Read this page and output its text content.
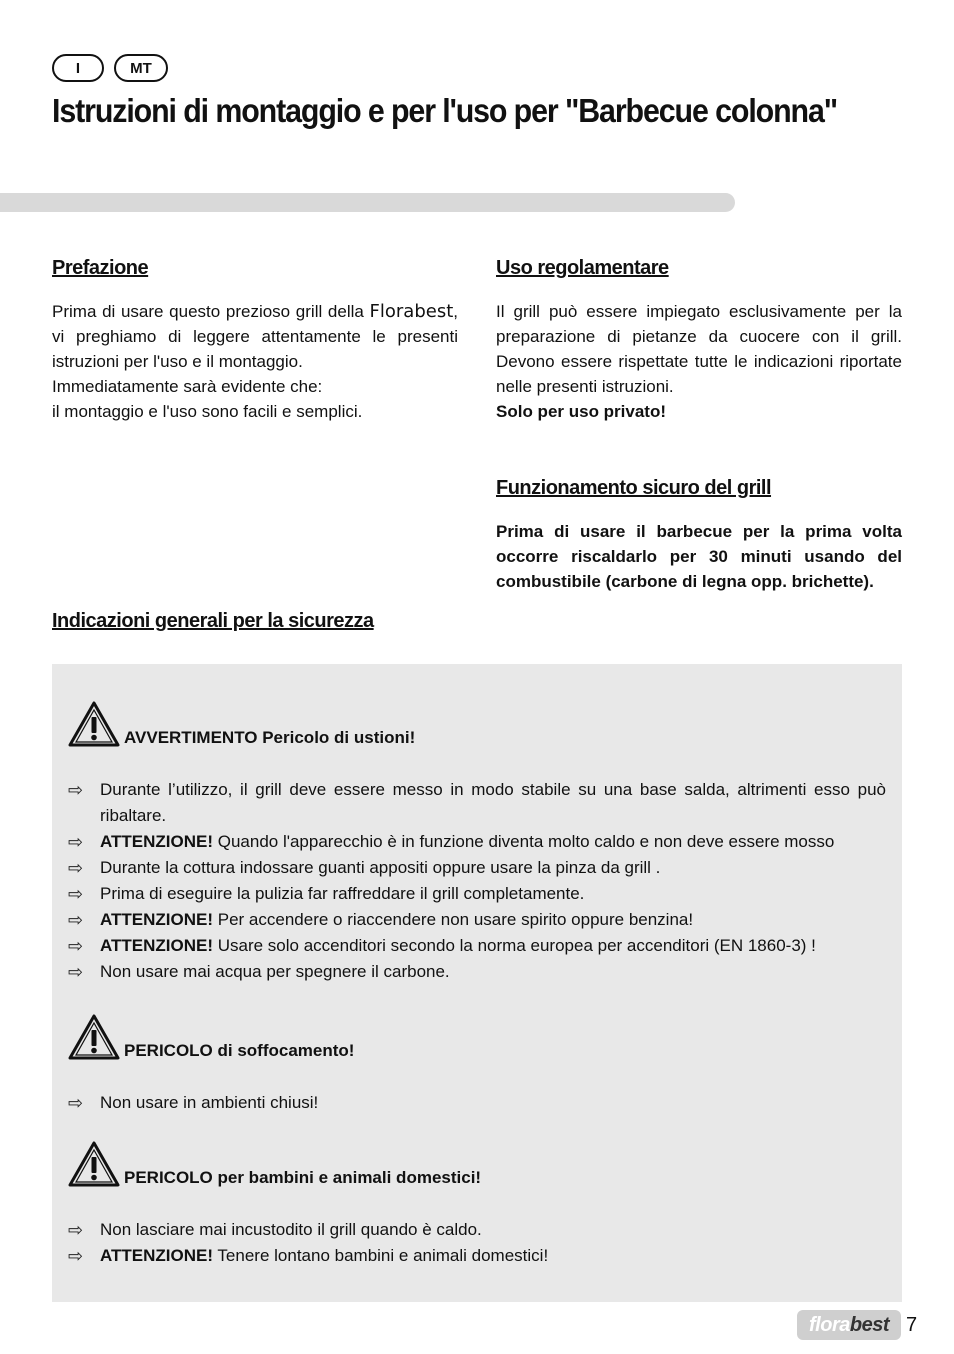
I	MT
Istruzioni di montaggio e per l'uso per "Barbecue colonna"
Prefazione

Prima di usare questo prezioso grill della Florabest, vi preghiamo di leggere attentamente le presenti istruzioni per l'uso e il montaggio.

Immediatamente sarà evidente che:

il montaggio e l'uso sono facili e semplici.

Uso regolamentare

Il grill può essere impiegato esclusivamente per la preparazione di pietanze da cuocere con il grill. Devono essere rispettate tutte le indicazioni riportate nelle presenti istruzioni.

Solo per uso privato!

Funzionamento sicuro del grill

Prima di usare il barbecue per la prima volta occorre riscaldarlo per 30 minuti usando del combustibile (carbone di legna opp. brichette).

Indicazioni generali per la sicurezza
AVVERTIMENTO Pericolo di ustioni!
⇨ Durante l’utilizzo, il grill deve essere messo in modo stabile su una base salda, altrimenti esso può ribaltare.
⇨ ATTENZIONE! Quando l'apparecchio è in funzione diventa molto caldo e non deve essere mosso
⇨ Durante la cottura indossare guanti appositi oppure usare la pinza da grill .
⇨ Prima di eseguire la pulizia far raffreddare il grill completamente.
⇨ ATTENZIONE! Per accendere o riaccendere non usare spirito oppure benzina!
⇨ ATTENZIONE! Usare solo accenditori secondo la norma europea per accenditori (EN 1860-3) !
⇨ Non usare mai acqua per spegnere il carbone.
PERICOLO di soffocamento!
⇨ Non usare in ambienti chiusi!
PERICOLO per bambini e animali domestici!
⇨ Non lasciare mai incustodito il grill quando è caldo.
⇨ ATTENZIONE! Tenere lontano bambini e animali domestici!
flora best 7
